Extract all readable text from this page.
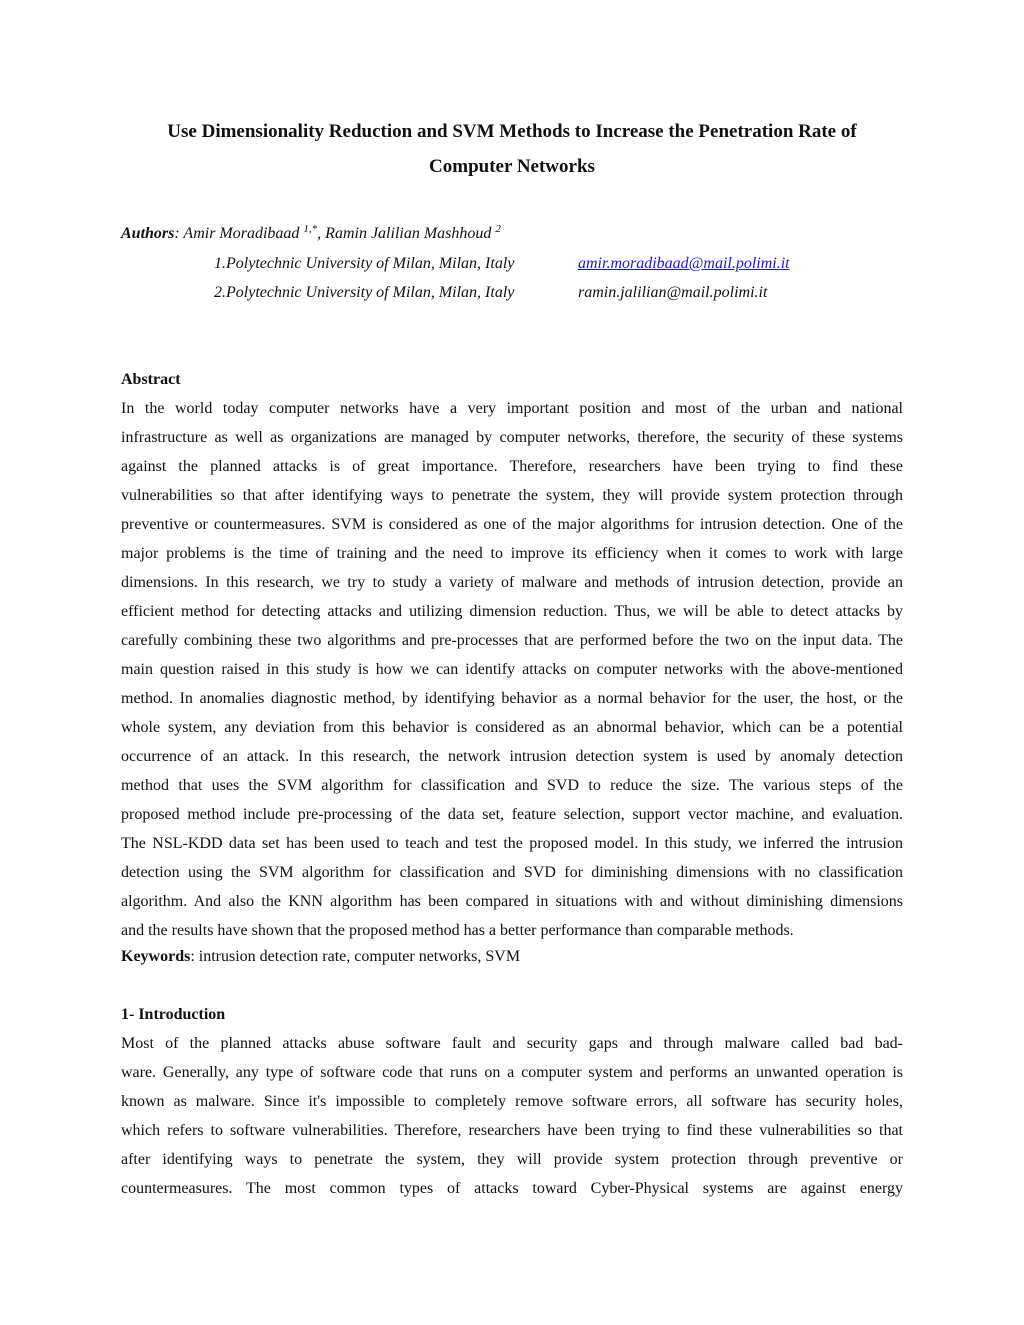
Use Dimensionality Reduction and SVM Methods to Increase the Penetration Rate of
Computer Networks
Authors: Amir Moradibaad $^{1,*}$, Ramin Jalilian Mashhoud $^2$
1.Polytechnic University of Milan, Milan, Italy	amir.moradibaad@mail.polimi.it
2.Polytechnic University of Milan, Milan, Italy	ramin.jalilian@mail.polimi.it
Abstract
In the world today computer networks have a very important position and most of the urban and national
infrastructure as well as organizations are managed by computer networks, therefore, the security of these systems
against the planned attacks is of great importance. Therefore, researchers have been trying to find these
vulnerabilities so that after identifying ways to penetrate the system, they will provide system protection through
preventive or countermeasures. SVM is considered as one of the major algorithms for intrusion detection. One of the
major problems is the time of training and the need to improve its efficiency when it comes to work with large
dimensions. In this research, we try to study a variety of malware and methods of intrusion detection, provide an
efficient method for detecting attacks and utilizing dimension reduction. Thus, we will be able to detect attacks by
carefully combining these two algorithms and pre-processes that are performed before the two on the input data. The
main question raised in this study is how we can identify attacks on computer networks with the above-mentioned
method. In anomalies diagnostic method, by identifying behavior as a normal behavior for the user, the host, or the
whole system, any deviation from this behavior is considered as an abnormal behavior, which can be a potential
occurrence of an attack. In this research, the network intrusion detection system is used by anomaly detection
method that uses the SVM algorithm for classification and SVD to reduce the size. The various steps of the
proposed method include pre-processing of the data set, feature selection, support vector machine, and evaluation.
The NSL-KDD data set has been used to teach and test the proposed model. In this study, we inferred the intrusion
detection using the SVM algorithm for classification and SVD for diminishing dimensions with no classification
algorithm. And also the KNN algorithm has been compared in situations with and without diminishing dimensions
and the results have shown that the proposed method has a better performance than comparable methods.
Keywords: intrusion detection rate, computer networks, SVM
1- Introduction
Most of the planned attacks abuse software fault and security gaps and through malware called bad bad-
ware. Generally, any type of software code that runs on a computer system and performs an unwanted operation is
known as malware. Since it's impossible to completely remove software errors, all software has security holes,
which refers to software vulnerabilities. Therefore, researchers have been trying to find these vulnerabilities so that
after identifying ways to penetrate the system, they will provide system protection through preventive or
countermeasures. The most common types of attacks toward Cyber-Physical systems are against energy
